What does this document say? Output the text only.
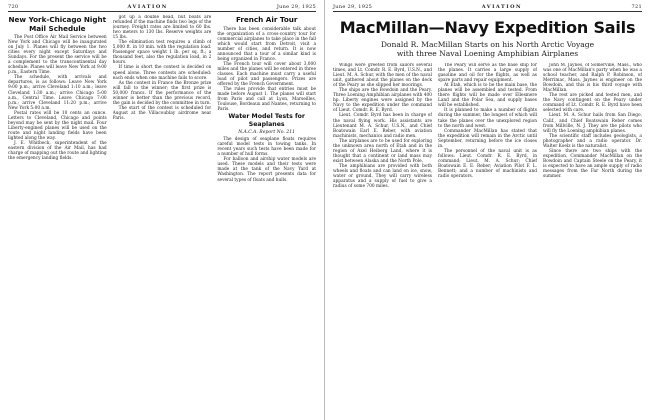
720	AVIATION	June 29, 1925
New York-Chicago Night Mail Schedule

The Post Office Air Mail Service between New York and Chicago will be inaugurated on July 1. Planes will fly between the two cities every night except Saturdays and Sundays. For the present the service will be a complement to the transcontinental day schedule. Planes will leave New York at 9:00 p.m., Eastern Time.

The schedule, with arrivals and departures, is as follows: Leave New York 9:00 p.m.; arrive Cleveland 1:10 a.m.; leave Cleveland 1:30 a.m.; arrive Chicago 5:00 a.m., Central Time. Leave Chicago 7:00 p.m.; arrive Cleveland 11:20 p.m.; arrive New York 5:00 a.m.

Postal rates will be 10 cents an ounce. Letters to Cleveland, Chicago and points beyond may be sent by the night mail. Four Liberty-engined planes will be used on the route and night landing fields have been lighted along the way.

J. E. Whitbeck, superintendent of the eastern division of the Air Mail, has had charge of mapping out the route and lighting the emergency landing fields.

got up a double head, but boats are refunded if the machine finds two legs of the journey. Freight rates are limited to 60 lbs. two meters to 130 lbs. Reserve weights are 15 lbs.

The elimination test requires a climb of 5,000 ft. in 10 min. with the regulation load. Passenger space weight 1 lb. per sq. ft.; a thousand feet, also the regulation load, in 2 hours.

If time is short the contest is decided on speed alone. Three contests are scheduled: each ends when one machine fails to score.

As the contest in France the Bronze prize will fall to the winner; the first prize is 50,000 francs. If the performance of the winner is better than the previous record, the gain is decided by the committee in turn.

The start of the contest is scheduled for August at the Villacoublay airdrome near Paris.

French Air Tour

There has been considerable talk about the organization of a cross-country tour for commercial airplanes to take place in the fall which would start from Detroit, visit a number of cities, and return. It is now announced that a tour of a similar kind is being organized in France.

The French tour will cover about 3,000 miles and the planes will be entered in three classes. Each machine must carry a useful load of pilot and passengers. Prizes are offered by the French Government.

The rules provide that entries must be made before August 1. The planes will start from Paris and call at Lyon, Marseilles, Toulouse, Bordeaux and Nantes, returning to Paris.

Water Model Tests for Seaplanes
N.A.C.A. Report No. 211

The design of seaplane floats requires careful model tests in towing tanks. In recent years such tests have been made for a number of hull forms.

For balloon and airship water models are used. These models and their tests were made at the tank of the Navy Yard at Washington. The report presents data for several types of floats and hulls.

June 29, 1925	AVIATION	721
MacMillan—Navy Expedition Sails
Donald R. MacMillan Starts on his North Arctic Voyage
with three Naval Loening Amphibian Airplanes

Wings were greeted from sailors several times, and Lt. Comdr. R. E. Byrd, U.S.N., and Lieut. M. A. Schur, with the men of the naval unit, gathered about the planes on the deck of the Peary as she slipped her moorings.

The ships are the Bowdoin and the Peary. Three Loening Amphibian airplanes with 400 hp. Liberty engines were assigned by the Navy to the expedition under the command of Lieut. Comdr. R. E. Byrd.

Lieut. Comdr. Byrd has been in charge of the naval flying work. His assistants are Lieutenant M. A. Schur, U.S.N., and Chief Boatswain Earl E. Reber, with aviation machinists, mechanics and radio men.

The airplanes are to be used for exploring the unknown area north of Etah and in the region of Axel Heiberg Land, where it is thought that a continent or land mass may exist between Alaska and the North Pole.

The amphibians are provided with both wheels and floats and can land on ice, snow, water or ground. They will carry wireless apparatus and a supply of fuel to give a radius of some 700 miles.

The Peary will serve as the base ship for the planes. It carries a large supply of gasoline and oil for the flights, as well as spare parts and repair equipment.

At Etah, which is to be the main base, the planes will be assembled and tested. From there flights will be made over Ellesmere Land and the Polar Sea, and supply bases will be established.

It is planned to make a number of flights during the summer, the longest of which will take the planes over the unexplored region to the north and west.

Commander MacMillan has stated that the expedition will remain in the Arctic until September, returning before the ice closes in.

The personnel of the naval unit is as follows: Lieut. Comdr. R. E. Byrd, in command; Lieut. M. A. Schur; Chief Boatswain E. E. Reber; Aviation Pilot F. L. Bennett; and a number of machinists and radio operators.

John M. Jaynes, of Somerville, Mass., who was one of MacMillan's party when he was a school teacher, and Ralph P. Robinson, of Merrimac, Mass. Jaynes is engineer on the Bowdoin, and this is his third voyage with MacMillan.

The rest are picked and tested men, and the Navy contingent on the Peary under command of Lt. Comdr. R. E. Byrd have been selected with care.

Lieut. M. A. Schur hails from San Diego, Calif., and Chief Boatswain Reber comes from Millville, N. J. They are the pilots who will fly the Loening amphibian planes.

The scientific staff includes geologists, a photographer and a radio operator. Dr. Walter Koelz is the naturalist.

Since there are two ships with the expedition, Commander MacMillan on the Bowdoin and Captain Steele on the Peary, it is expected to have an ample supply of radio messages from the Far North during the summer.
